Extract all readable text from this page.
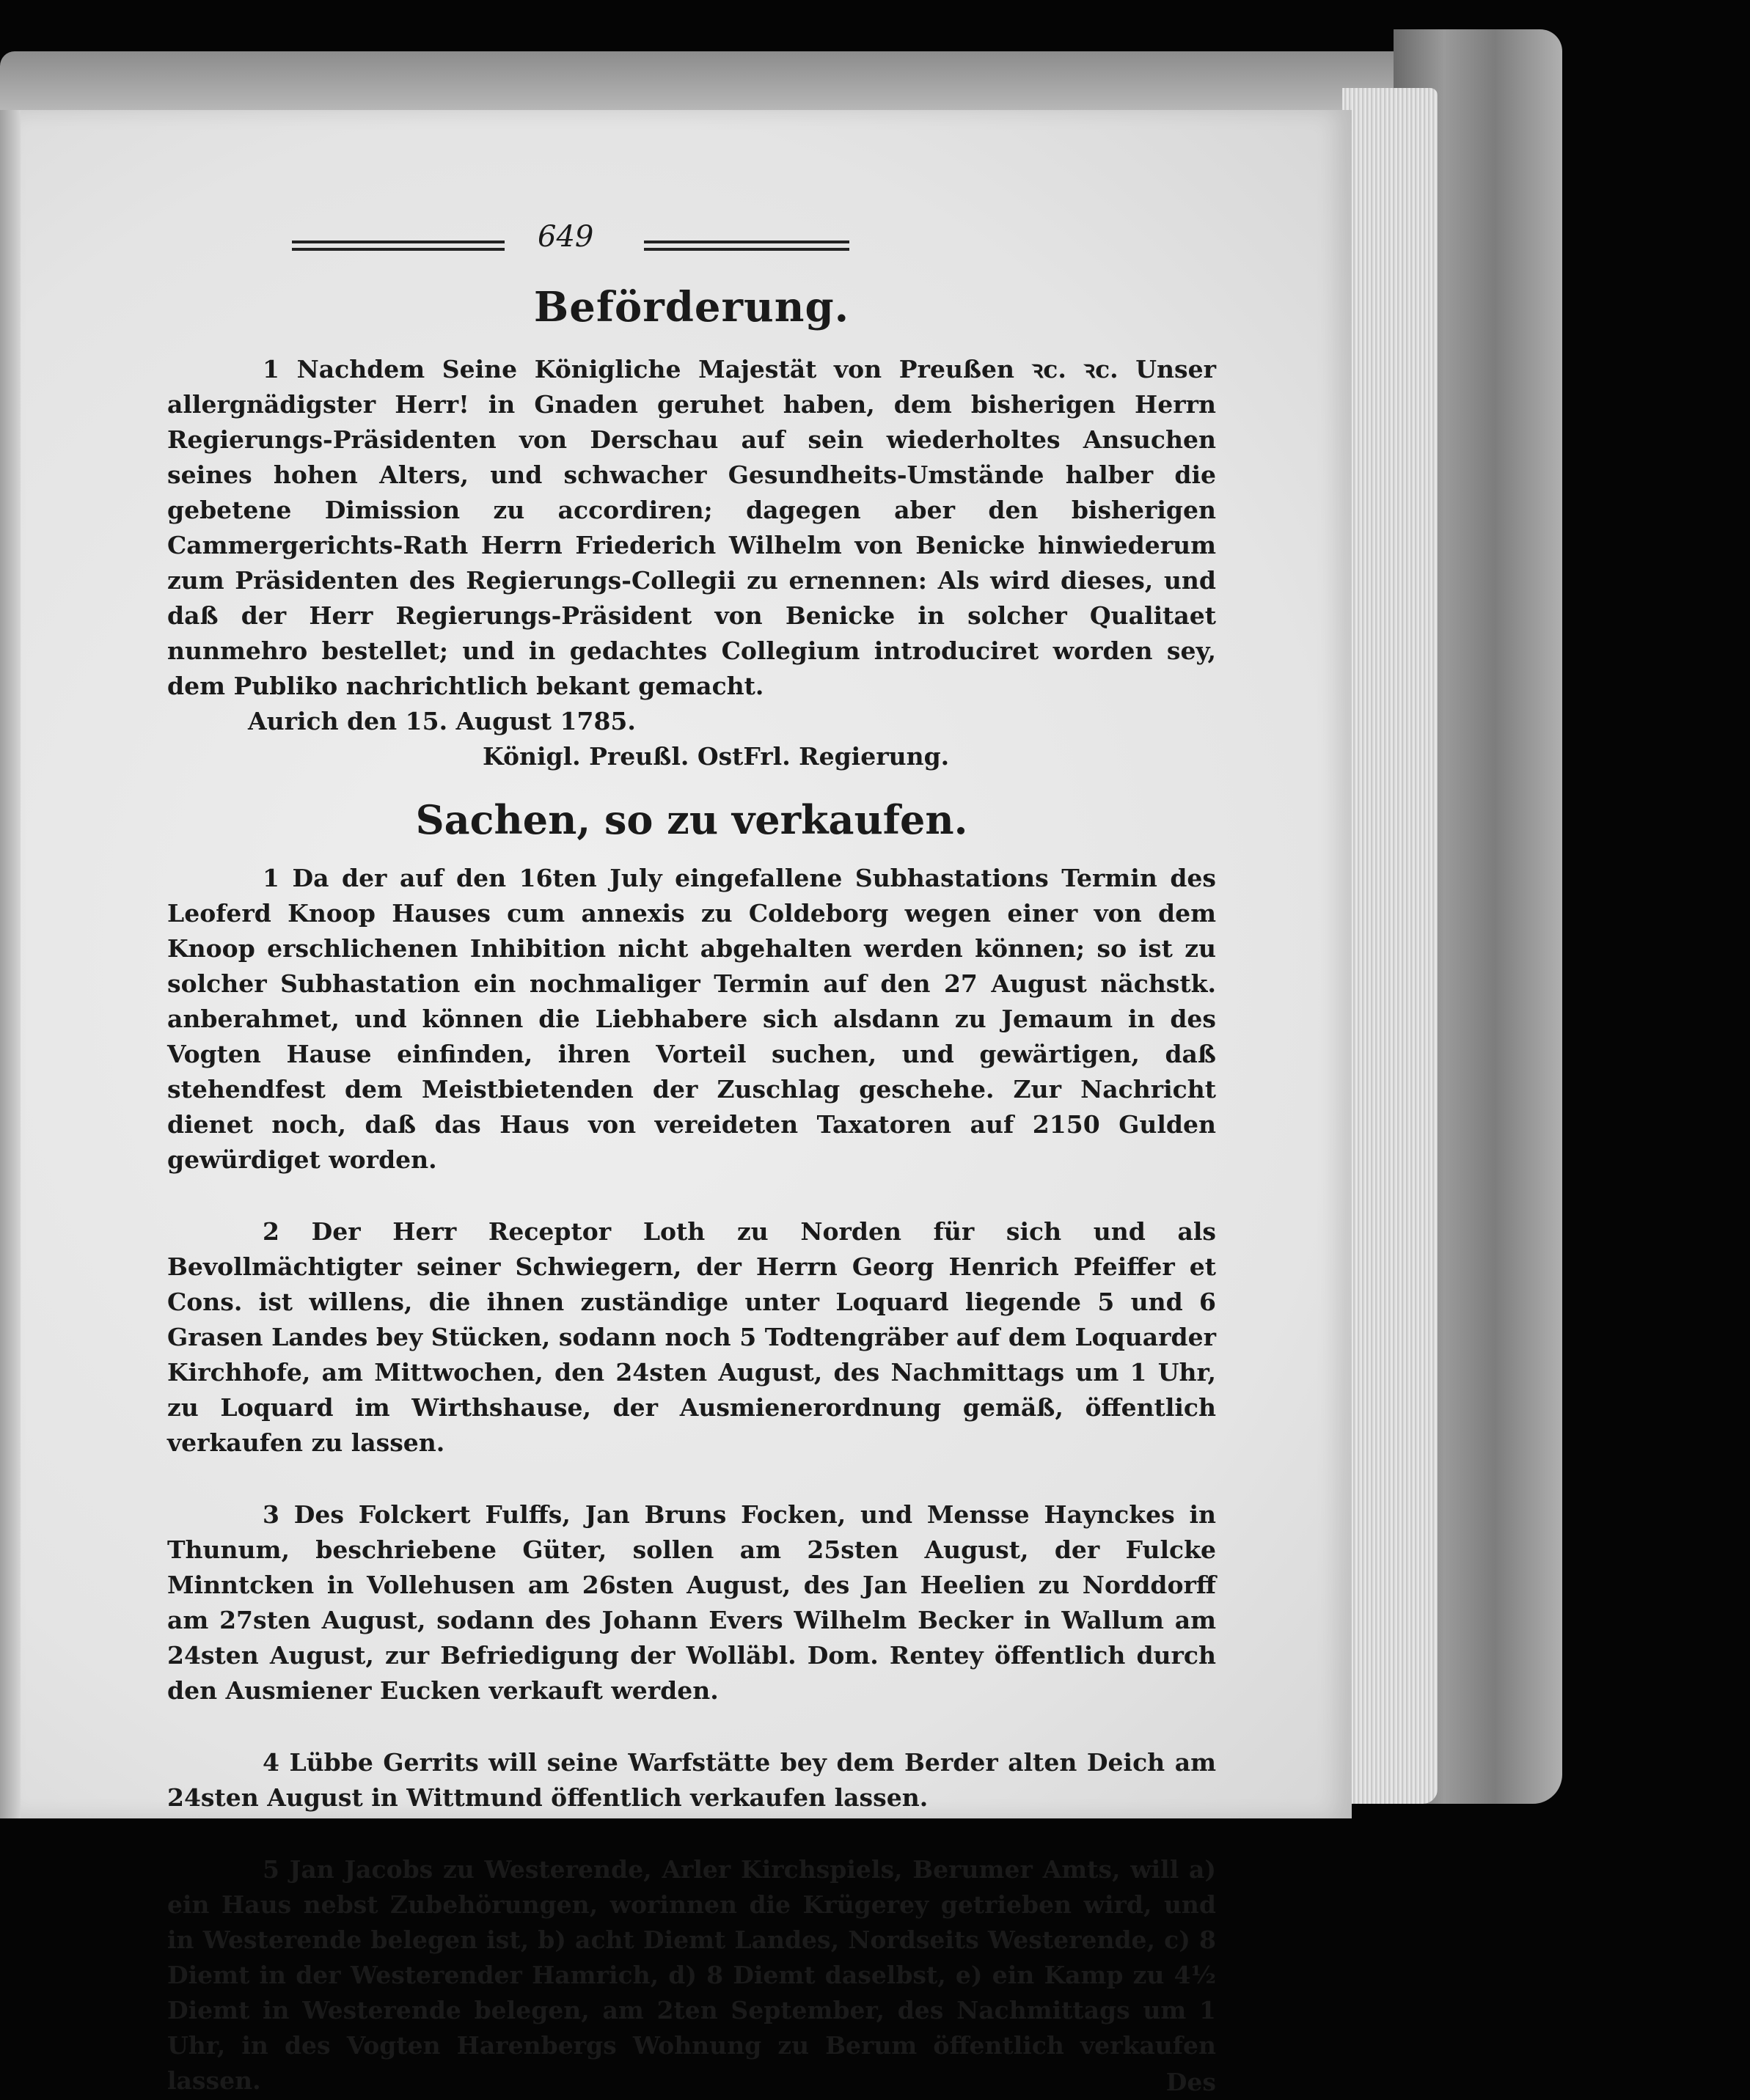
649
Beförderung.

1 Nachdem Seine Königliche Majestät von Preußen ꝛc. ꝛc. Unser allergnädigster Herr! in Gnaden geruhet haben, dem bisherigen Herrn Regierungs-Präsidenten von Derschau auf sein wiederholtes Ansuchen seines hohen Alters, und schwacher Gesundheits-Umstände halber die gebetene Dimission zu accordiren; dagegen aber den bisherigen Cammergerichts-Rath Herrn Friederich Wilhelm von Benicke hinwiederum zum Präsidenten des Regierungs-Collegii zu ernennen: Als wird dieses, und daß der Herr Regierungs-Präsident von Benicke in solcher Qualitaet nunmehro bestellet; und in gedachtes Collegium introduciret worden sey, dem Publiko nachrichtlich bekant gemacht.

Aurich den 15. August 1785.
Königl. Preußl. OstFrl. Regierung.
Sachen, so zu verkaufen.

1 Da der auf den 16ten July eingefallene Subhastations Termin des Leoferd Knoop Hauses cum annexis zu Coldeborg wegen einer von dem Knoop erschlichenen Inhibition nicht abgehalten werden können; so ist zu solcher Subhastation ein nochmaliger Termin auf den 27 August nächstk. anberahmet, und können die Liebhabere sich alsdann zu Jemaum in des Vogten Hause einfinden, ihren Vorteil suchen, und gewärtigen, daß stehendfest dem Meistbietenden der Zuschlag geschehe. Zur Nachricht dienet noch, daß das Haus von vereideten Taxatoren auf 2150 Gulden gewürdiget worden.

2 Der Herr Receptor Loth zu Norden für sich und als Bevollmächtigter seiner Schwiegern, der Herrn Georg Henrich Pfeiffer et Cons. ist willens, die ihnen zuständige unter Loquard liegende 5 und 6 Grasen Landes bey Stücken, sodann noch 5 Todtengräber auf dem Loquarder Kirchhofe, am Mittwochen, den 24sten August, des Nachmittags um 1 Uhr, zu Loquard im Wirthshause, der Ausmienerordnung gemäß, öffentlich verkaufen zu lassen.

3 Des Folckert Fulffs, Jan Bruns Focken, und Mensse Haynckes in Thunum, beschriebene Güter, sollen am 25sten August, der Fulcke Minntcken in Vollehusen am 26sten August, des Jan Heelien zu Norddorff am 27sten August, sodann des Johann Evers Wilhelm Becker in Wallum am 24sten August, zur Befriedigung der Wolläbl. Dom. Rentey öffentlich durch den Ausmiener Eucken verkauft werden.

4 Lübbe Gerrits will seine Warfstätte bey dem Berder alten Deich am 24sten August in Wittmund öffentlich verkaufen lassen.

5 Jan Jacobs zu Westerende, Arler Kirchspiels, Berumer Amts, will a) ein Haus nebst Zubehörungen, worinnen die Krügerey getrieben wird, und in Westerende belegen ist, b) acht Diemt Landes, Nordseits Westerende, c) 8 Diemt in der Westerender Hamrich, d) 8 Diemt daselbst, e) ein Kamp zu 4½ Diemt in Westerende belegen, am 2ten September, des Nachmittags um 1 Uhr, in des Vogten Harenbergs Wohnung zu Berum öffentlich verkaufen lassen.	Des
